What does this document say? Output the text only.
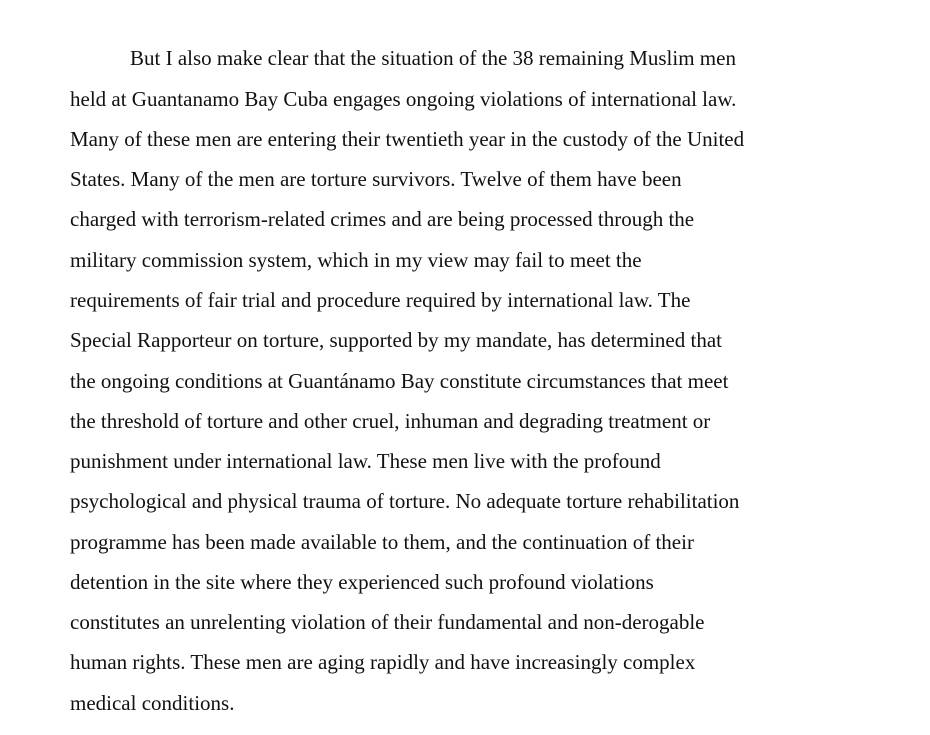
But I also make clear that the situation of the 38 remaining Muslim men

held at Guantanamo Bay Cuba engages ongoing violations of international law.

Many of these men are entering their twentieth year in the custody of the United

States. Many of the men are torture survivors. Twelve of them have been

charged with terrorism-related crimes and are being processed through the

military commission system, which in my view may fail to meet the

requirements of fair trial and procedure required by international law. The

Special Rapporteur on torture, supported by my mandate, has determined that

the ongoing conditions at Guantánamo Bay constitute circumstances that meet

the threshold of torture and other cruel, inhuman and degrading treatment or

punishment under international law. These men live with the profound

psychological and physical trauma of torture. No adequate torture rehabilitation

programme has been made available to them, and the continuation of their

detention in the site where they experienced such profound violations

constitutes an unrelenting violation of their fundamental and non-derogable

human rights. These men are aging rapidly and have increasingly complex

medical conditions.
